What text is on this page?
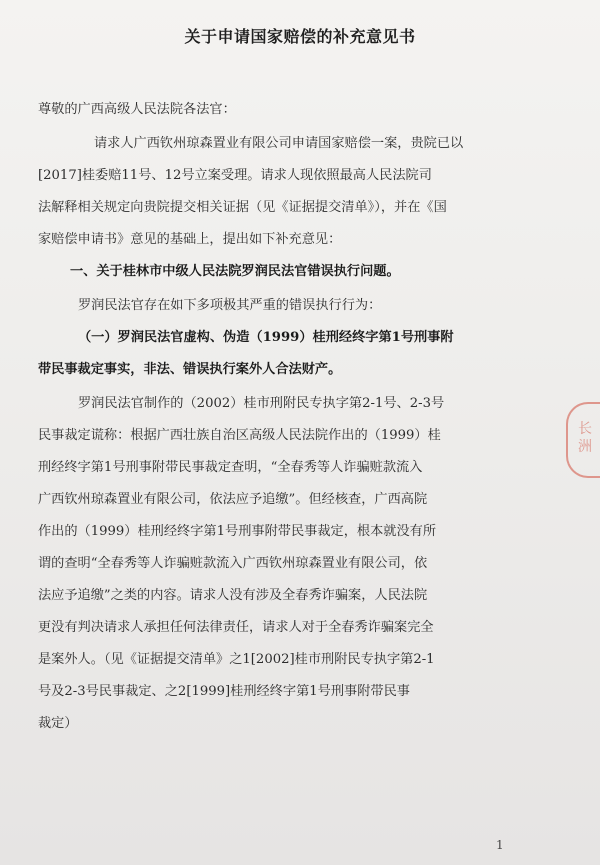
关于申请国家赔偿的补充意见书
尊敬的广西高级人民法院各法官：
请求人广西钦州琼森置业有限公司申请国家赔偿一案，贵院已以
[2017]桂委赔11号、12号立案受理。请求人现依照最高人民法院司
法解释相关规定向贵院提交相关证据（见《证据提交清单》），并在《国
家赔偿申请书》意见的基础上，提出如下补充意见：
一、关于桂林市中级人民法院罗润民法官错误执行问题。
罗润民法官存在如下多项极其严重的错误执行行为：
（一）罗润民法官虚构、伪造（1999）桂刑经终字第1号刑事附
带民事裁定事实，非法、错误执行案外人合法财产。
罗润民法官制作的（2002）桂市刑附民专执字第2-1号、2-3号
民事裁定谎称：根据广西壮族自治区高级人民法院作出的（1999）桂
刑经终字第1号刑事附带民事裁定查明，“全春秀等人诈骗赃款流入
广西钦州琼森置业有限公司，依法应予追缴”。但经核查，广西高院
作出的（1999）桂刑经终字第1号刑事附带民事裁定，根本就没有所
谓的查明“全春秀等人诈骗赃款流入广西钦州琼森置业有限公司，依
法应予追缴”之类的内容。请求人没有涉及全春秀诈骗案，人民法院
更没有判决请求人承担任何法律责任，请求人对于全春秀诈骗案完全
是案外人。（见《证据提交清单》之1[2002]桂市刑附民专执字第2-1
号及2-3号民事裁定、之2[1999]桂刑经终字第1号刑事附带民事
裁定）
长洲
1
